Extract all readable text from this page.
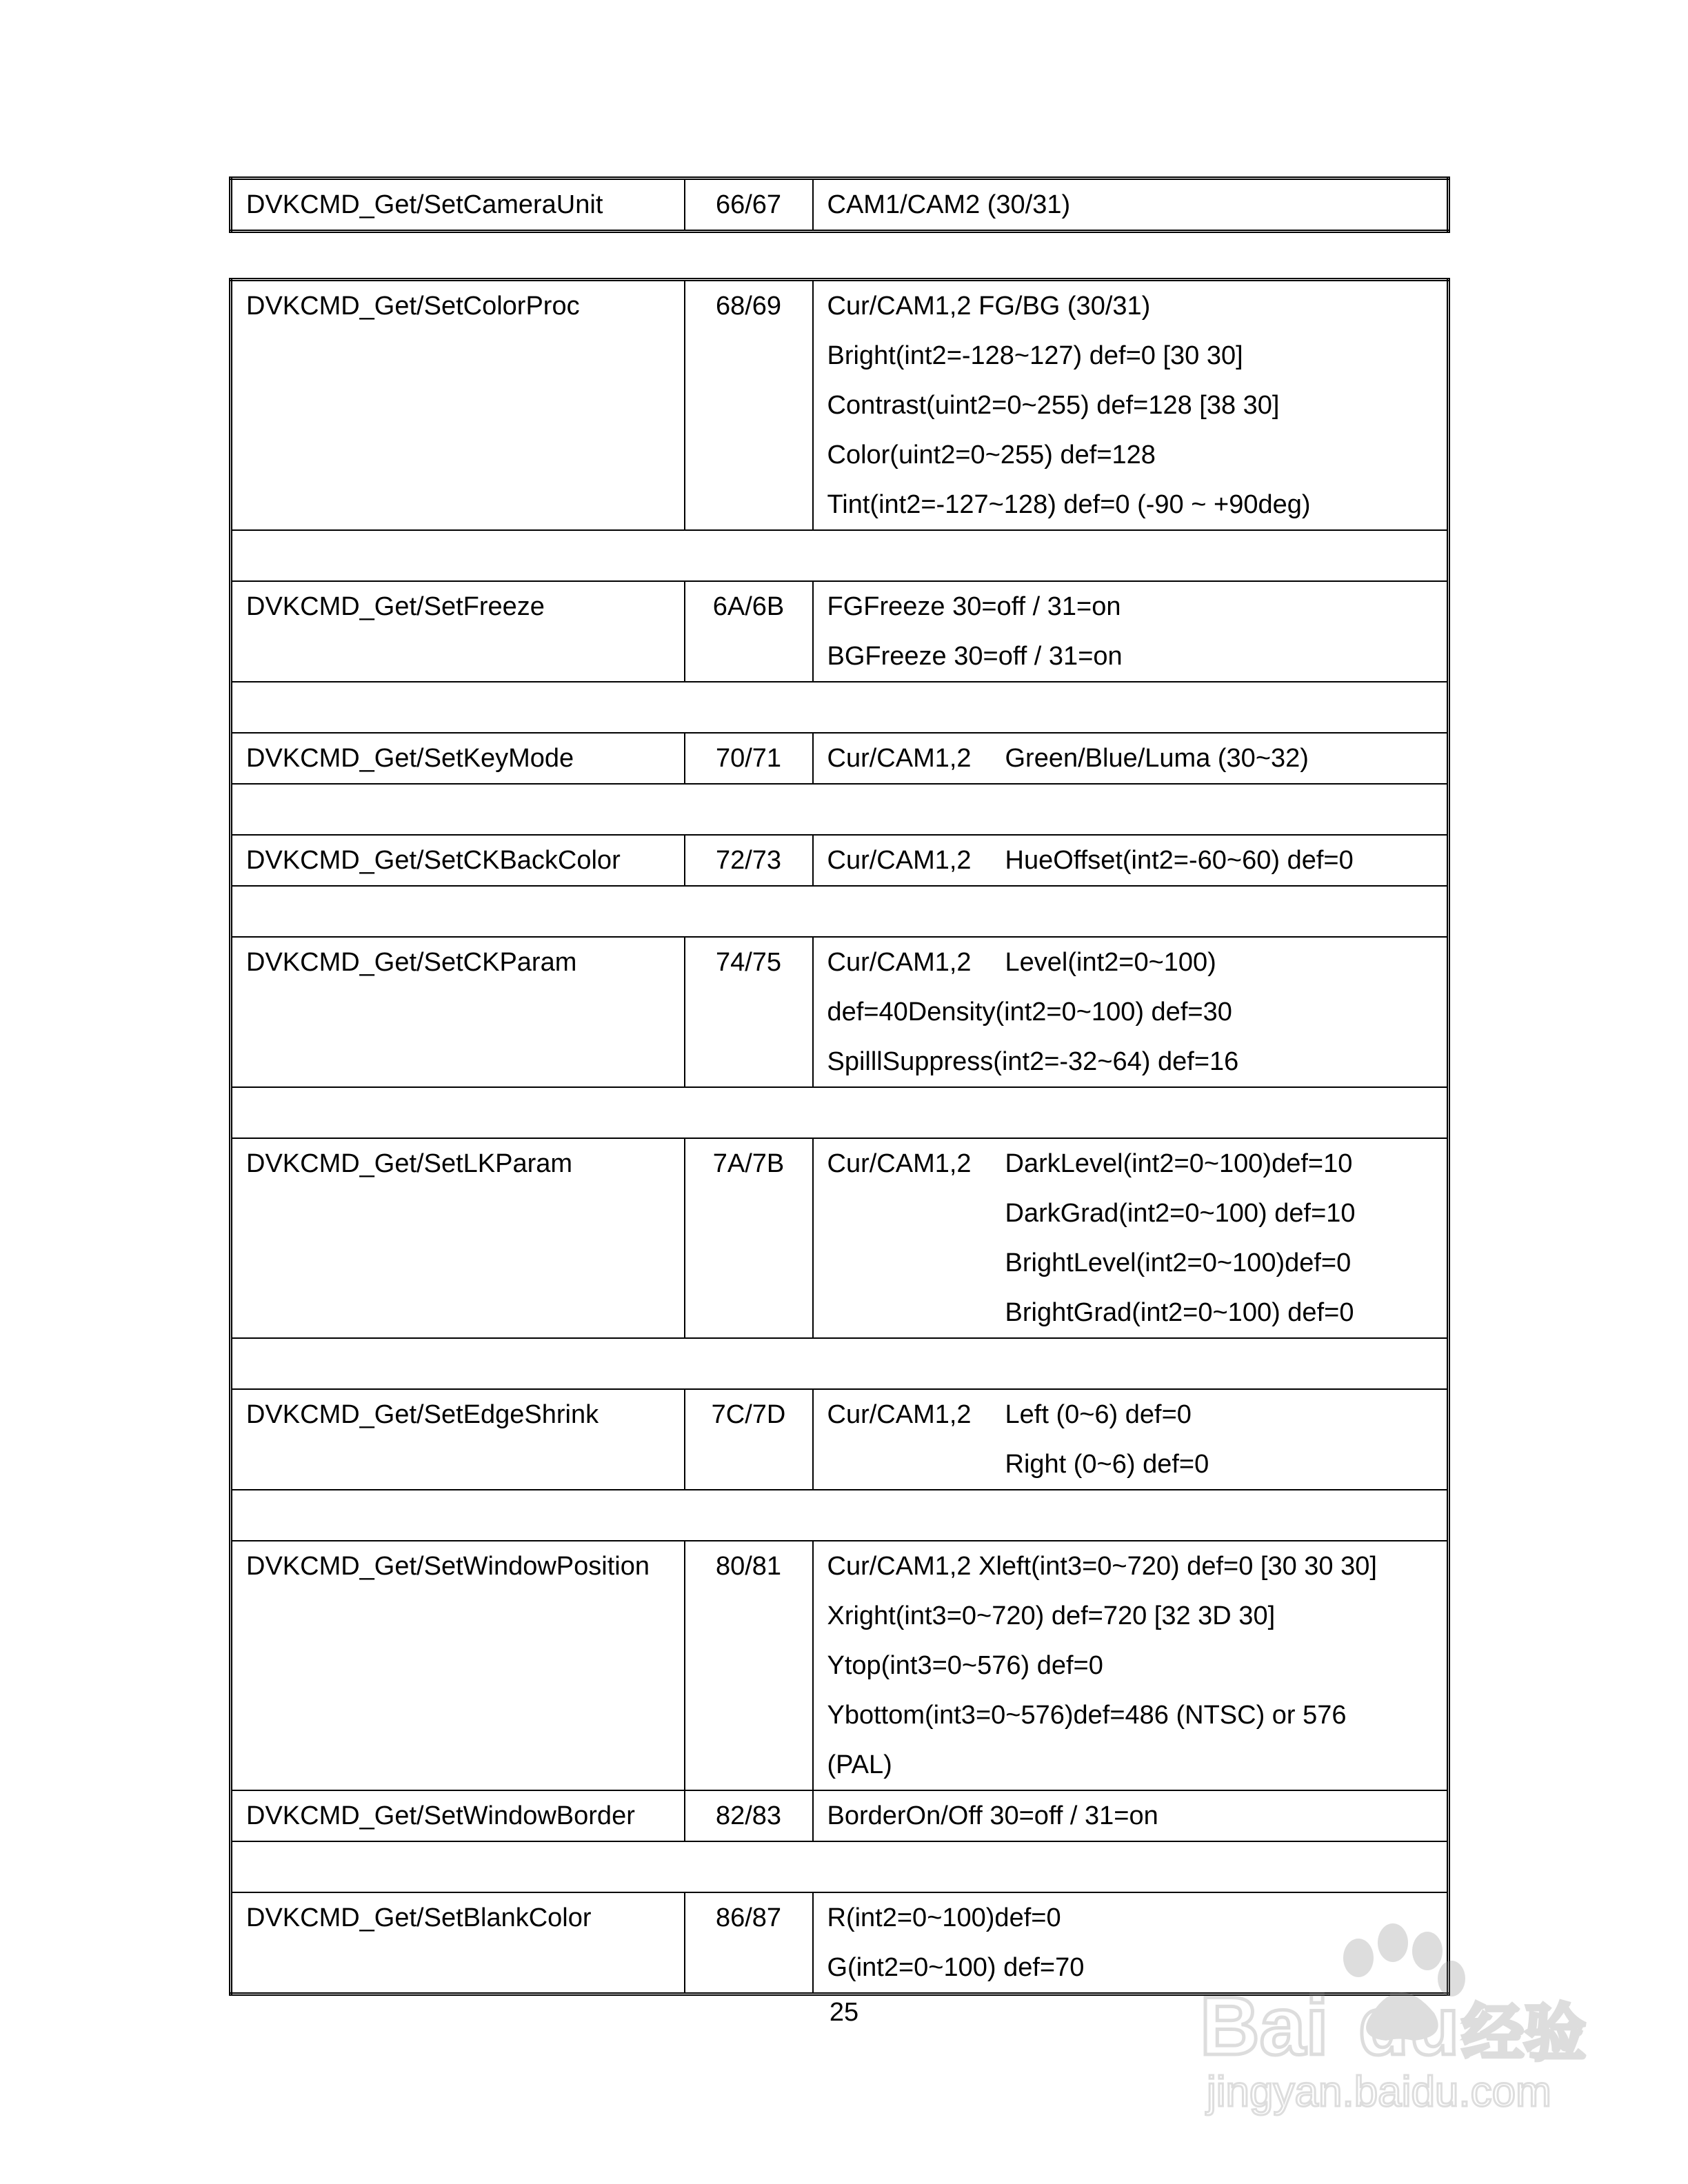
DVKCMD_Get/SetCameraUnit	66/67	CAM1/CAM2 (30/31)
DVKCMD_Get/SetColorProc	68/69	Cur/CAM1,2 FG/BG (30/31)
Bright(int2=-128~127) def=0 [30 30]
Contrast(uint2=0~255) def=128 [38 30]
Color(uint2=0~255) def=128
Tint(int2=-127~128) def=0 (-90 ~ +90deg)

DVKCMD_Get/SetFreeze	6A/6B	FGFreeze 30=off / 31=on
BGFreeze 30=off / 31=on

DVKCMD_Get/SetKeyMode	70/71	Cur/CAM1,2 Green/Blue/Luma (30~32)

DVKCMD_Get/SetCKBackColor	72/73	Cur/CAM1,2 HueOffset(int2=-60~60) def=0

DVKCMD_Get/SetCKParam	74/75	Cur/CAM1,2 Level(int2=0~100)
def=40Density(int2=0~100) def=30
SpilllSuppress(int2=-32~64) def=16

DVKCMD_Get/SetLKParam	7A/7B	Cur/CAM1,2 DarkLevel(int2=0~100)def=10
DarkGrad(int2=0~100) def=10
BrightLevel(int2=0~100)def=0
BrightGrad(int2=0~100) def=0

DVKCMD_Get/SetEdgeShrink	7C/7D	Cur/CAM1,2 Left (0~6) def=0
Right (0~6) def=0

DVKCMD_Get/SetWindowPosition	80/81	Cur/CAM1,2 Xleft(int3=0~720) def=0 [30 30 30]
Xright(int3=0~720) def=720 [32 3D 30]
Ytop(int3=0~576) def=0
Ybottom(int3=0~576)def=486 (NTSC) or 576
(PAL)

DVKCMD_Get/SetWindowBorder	82/83	BorderOn/Off 30=off / 31=on

DVKCMD_Get/SetBlankColor	86/87	R(int2=0~100)def=0
G(int2=0~100) def=70
25	Bai du 经验
jingyan.baidu.com
